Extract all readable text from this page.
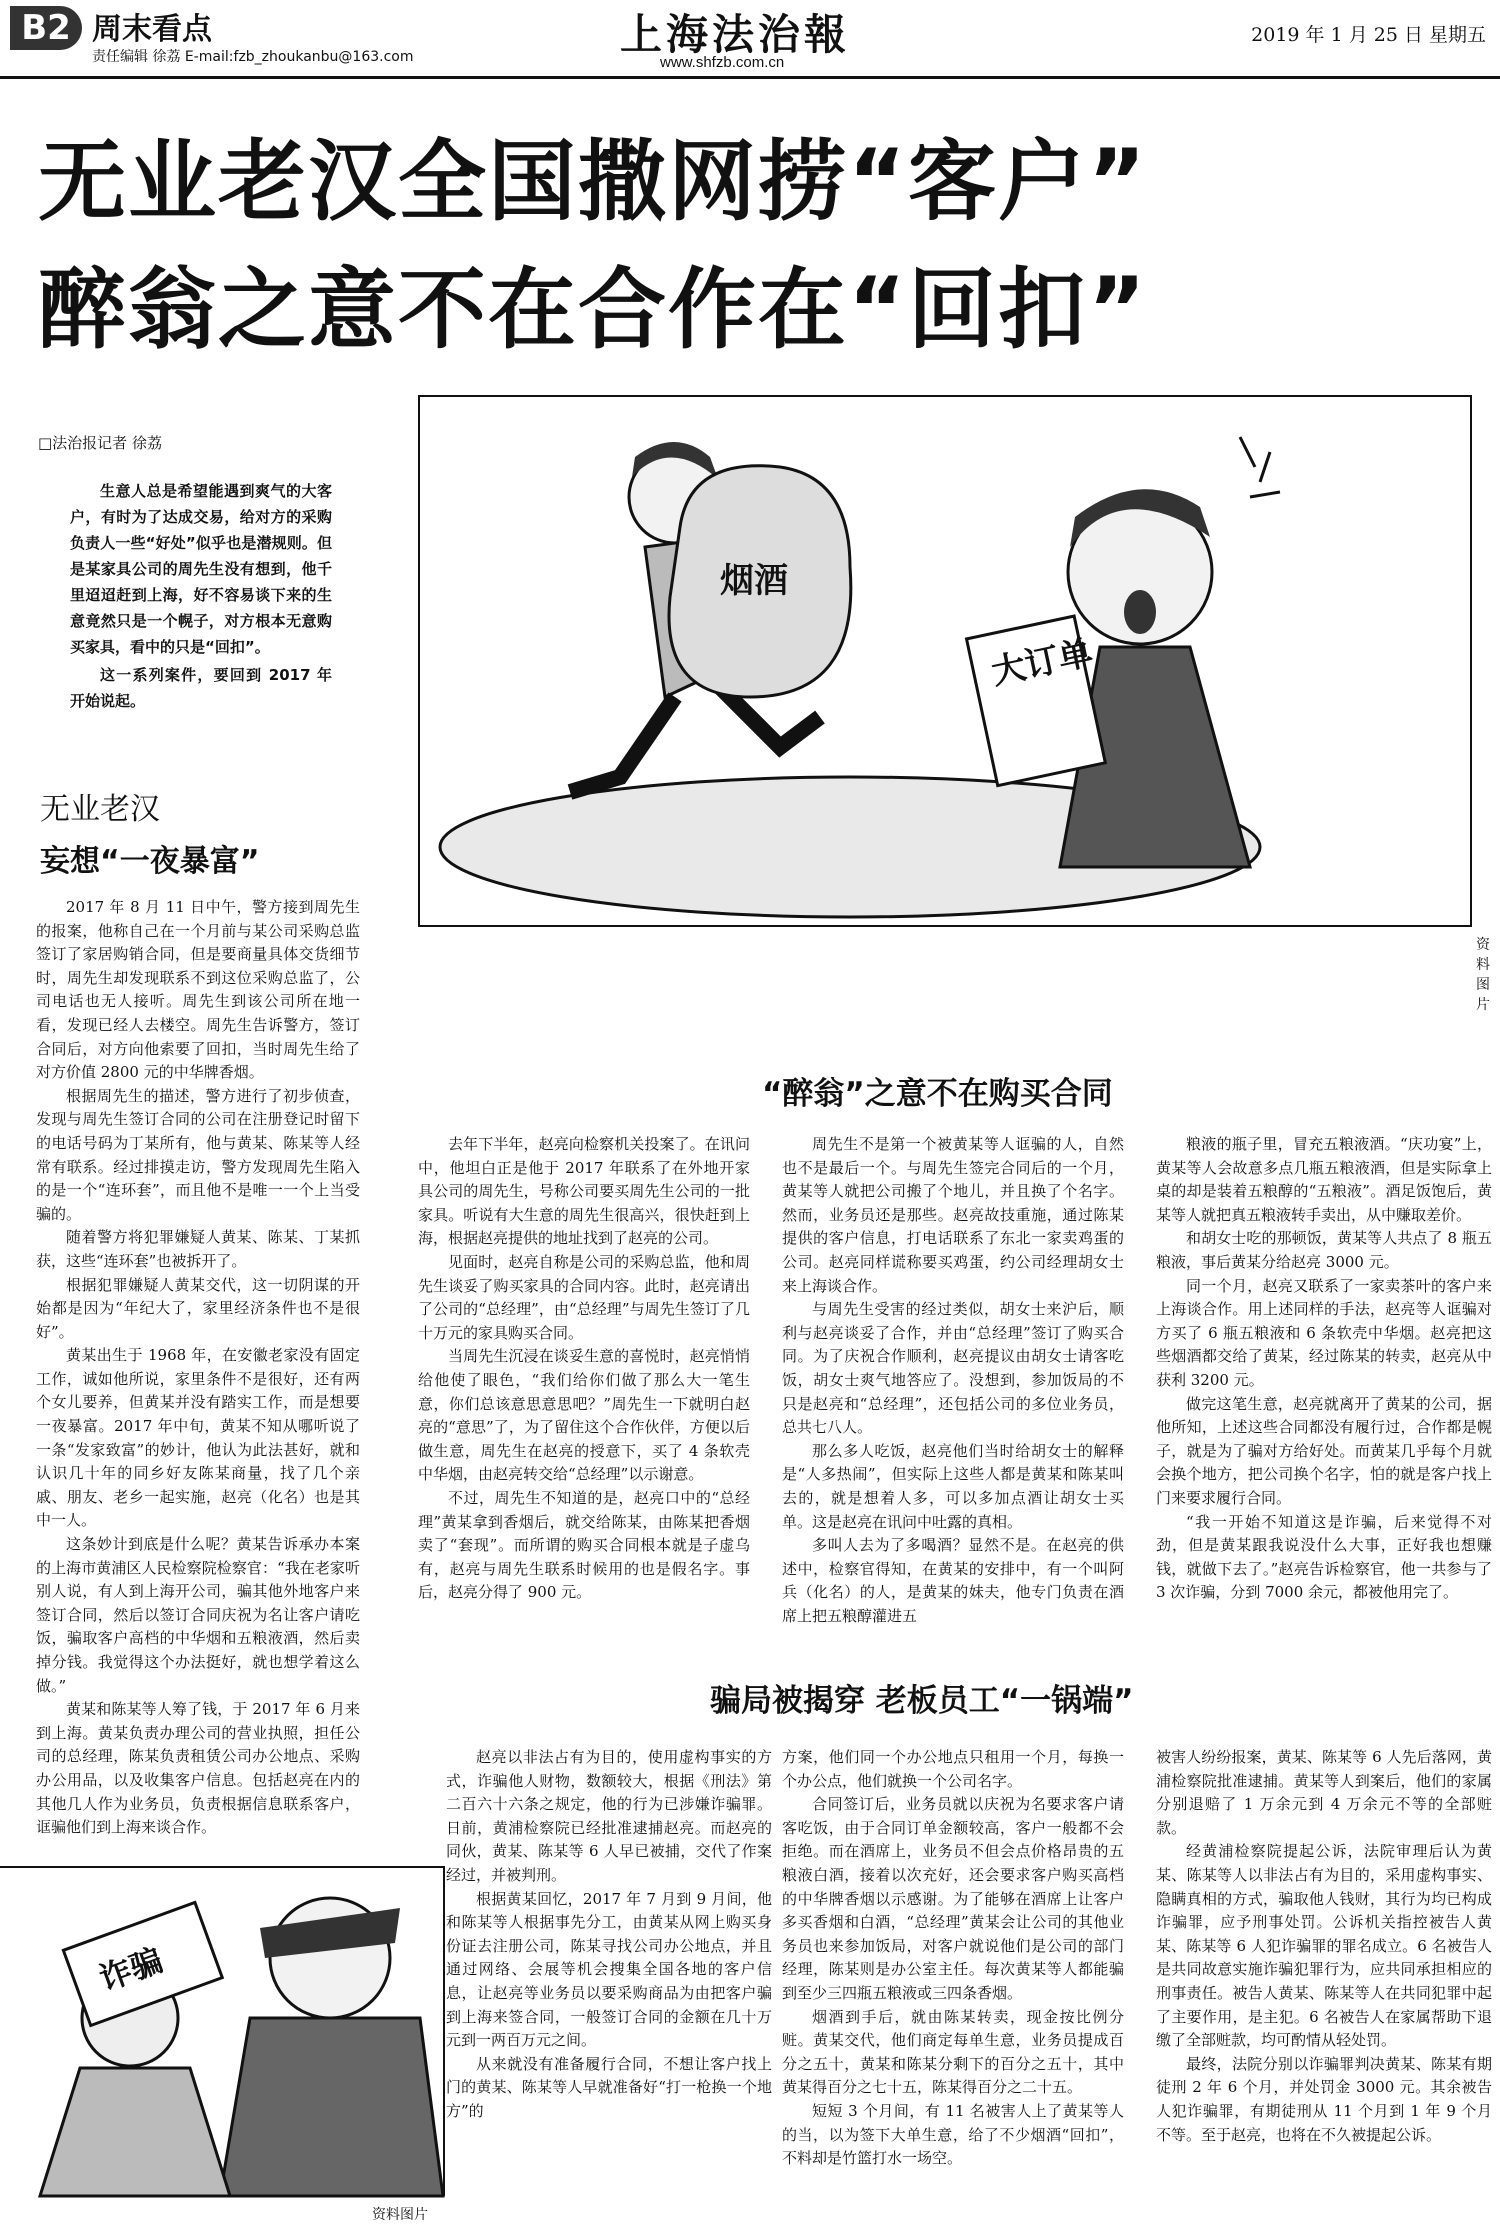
B2 周末看点
责任编辑 徐荔 E-mail:fzb_zhoukanbu@163.com	上海法治報
www.shfzb.com.cn
2019 年 1 月 25 日 星期五
无业老汉全国撒网捞“客户”
醉翁之意不在合作在“回扣”
□法治报记者 徐荔

生意人总是希望能遇到爽气的大客户，有时为了达成交易，给对方的采购负责人一些“好处”似乎也是潜规则。但是某家具公司的周先生没有想到，他千里迢迢赶到上海，好不容易谈下来的生意竟然只是一个幌子，对方根本无意购买家具，看中的只是“回扣”。

这一系列案件，要回到 2017 年开始说起。

烟酒
大订单
资料图片
无业老汉
妄想“一夜暴富”
“醉翁”之意不在购买合同
骗局被揭穿 老板员工“一锅端”

2017 年 8 月 11 日中午，警方接到周先生的报案，他称自己在一个月前与某公司采购总监签订了家居购销合同，但是要商量具体交货细节时，周先生却发现联系不到这位采购总监了，公司电话也无人接听。周先生到该公司所在地一看，发现已经人去楼空。周先生告诉警方，签订合同后，对方向他索要了回扣，当时周先生给了对方价值 2800 元的中华牌香烟。

根据周先生的描述，警方进行了初步侦查，发现与周先生签订合同的公司在注册登记时留下的电话号码为丁某所有，他与黄某、陈某等人经常有联系。经过排摸走访，警方发现周先生陷入的是一个“连环套”，而且他不是唯一一个上当受骗的。

随着警方将犯罪嫌疑人黄某、陈某、丁某抓获，这些“连环套”也被拆开了。

根据犯罪嫌疑人黄某交代，这一切阴谋的开始都是因为“年纪大了，家里经济条件也不是很好”。

黄某出生于 1968 年，在安徽老家没有固定工作，诚如他所说，家里条件不是很好，还有两个女儿要养，但黄某并没有踏实工作，而是想要一夜暴富。2017 年中旬，黄某不知从哪听说了一条“发家致富”的妙计，他认为此法甚好，就和认识几十年的同乡好友陈某商量，找了几个亲戚、朋友、老乡一起实施，赵亮（化名）也是其中一人。

这条妙计到底是什么呢？黄某告诉承办本案的上海市黄浦区人民检察院检察官：“我在老家听别人说，有人到上海开公司，骗其他外地客户来签订合同，然后以签订合同庆祝为名让客户请吃饭，骗取客户高档的中华烟和五粮液酒，然后卖掉分钱。我觉得这个办法挺好，就也想学着这么做。”

黄某和陈某等人筹了钱，于 2017 年 6 月来到上海。黄某负责办理公司的营业执照，担任公司的总经理，陈某负责租赁公司办公地点、采购办公用品，以及收集客户信息。包括赵亮在内的其他几人作为业务员，负责根据信息联系客户，诓骗他们到上海来谈合作。

去年下半年，赵亮向检察机关投案了。在讯问中，他坦白正是他于 2017 年联系了在外地开家具公司的周先生，号称公司要买周先生公司的一批家具。听说有大生意的周先生很高兴，很快赶到上海，根据赵亮提供的地址找到了赵亮的公司。

见面时，赵亮自称是公司的采购总监，他和周先生谈妥了购买家具的合同内容。此时，赵亮请出了公司的“总经理”，由“总经理”与周先生签订了几十万元的家具购买合同。

当周先生沉浸在谈妥生意的喜悦时，赵亮悄悄给他使了眼色，“我们给你们做了那么大一笔生意，你们总该意思意思吧？”周先生一下就明白赵亮的“意思”了，为了留住这个合作伙伴，方便以后做生意，周先生在赵亮的授意下，买了 4 条软壳中华烟，由赵亮转交给“总经理”以示谢意。

不过，周先生不知道的是，赵亮口中的“总经理”黄某拿到香烟后，就交给陈某，由陈某把香烟卖了“套现”。而所谓的购买合同根本就是子虚乌有，赵亮与周先生联系时候用的也是假名字。事后，赵亮分得了 900 元。

周先生不是第一个被黄某等人诓骗的人，自然也不是最后一个。与周先生签完合同后的一个月，黄某等人就把公司搬了个地儿，并且换了个名字。然而，业务员还是那些。赵亮故技重施，通过陈某提供的客户信息，打电话联系了东北一家卖鸡蛋的公司。赵亮同样谎称要买鸡蛋，约公司经理胡女士来上海谈合作。

与周先生受害的经过类似，胡女士来沪后，顺利与赵亮谈妥了合作，并由“总经理”签订了购买合同。为了庆祝合作顺利，赵亮提议由胡女士请客吃饭，胡女士爽气地答应了。没想到，参加饭局的不只是赵亮和“总经理”，还包括公司的多位业务员，总共七八人。

那么多人吃饭，赵亮他们当时给胡女士的解释是“人多热闹”，但实际上这些人都是黄某和陈某叫去的，就是想着人多，可以多加点酒让胡女士买单。这是赵亮在讯问中吐露的真相。

多叫人去为了多喝酒？显然不是。在赵亮的供述中，检察官得知，在黄某的安排中，有一个叫阿兵（化名）的人，是黄某的妹夫，他专门负责在酒席上把五粮醇灌进五

粮液的瓶子里，冒充五粮液酒。“庆功宴”上，黄某等人会故意多点几瓶五粮液酒，但是实际拿上桌的却是装着五粮醇的“五粮液”。酒足饭饱后，黄某等人就把真五粮液转手卖出，从中赚取差价。

和胡女士吃的那顿饭，黄某等人共点了 8 瓶五粮液，事后黄某分给赵亮 3000 元。

同一个月，赵亮又联系了一家卖茶叶的客户来上海谈合作。用上述同样的手法，赵亮等人诓骗对方买了 6 瓶五粮液和 6 条软壳中华烟。赵亮把这些烟酒都交给了黄某，经过陈某的转卖，赵亮从中获利 3200 元。

做完这笔生意，赵亮就离开了黄某的公司，据他所知，上述这些合同都没有履行过，合作都是幌子，就是为了骗对方给好处。而黄某几乎每个月就会换个地方，把公司换个名字，怕的就是客户找上门来要求履行合同。

“我一开始不知道这是诈骗，后来觉得不对劲，但是黄某跟我说没什么大事，正好我也想赚钱，就做下去了。”赵亮告诉检察官，他一共参与了 3 次诈骗，分到 7000 余元，都被他用完了。

诈骗
资料图片

赵亮以非法占有为目的，使用虚构事实的方式，诈骗他人财物，数额较大，根据《刑法》第二百六十六条之规定，他的行为已涉嫌诈骗罪。日前，黄浦检察院已经批准逮捕赵亮。而赵亮的同伙，黄某、陈某等 6 人早已被捕，交代了作案经过，并被判刑。

根据黄某回忆，2017 年 7 月到 9 月间，他和陈某等人根据事先分工，由黄某从网上购买身份证去注册公司，陈某寻找公司办公地点，并且通过网络、会展等机会搜集全国各地的客户信息，让赵亮等业务员以要采购商品为由把客户骗到上海来签合同，一般签订合同的金额在几十万元到一两百万元之间。

从来就没有准备履行合同，不想让客户找上门的黄某、陈某等人早就准备好“打一枪换一个地方”的

方案，他们同一个办公地点只租用一个月，每换一个办公点，他们就换一个公司名字。

合同签订后，业务员就以庆祝为名要求客户请客吃饭，由于合同订单金额较高，客户一般都不会拒绝。而在酒席上，业务员不但会点价格昂贵的五粮液白酒，接着以次充好，还会要求客户购买高档的中华牌香烟以示感谢。为了能够在酒席上让客户多买香烟和白酒，“总经理”黄某会让公司的其他业务员也来参加饭局，对客户就说他们是公司的部门经理，陈某则是办公室主任。每次黄某等人都能骗到至少三四瓶五粮液或三四条香烟。

烟酒到手后，就由陈某转卖，现金按比例分赃。黄某交代，他们商定每单生意，业务员提成百分之五十，黄某和陈某分剩下的百分之五十，其中黄某得百分之七十五，陈某得百分之二十五。

短短 3 个月间，有 11 名被害人上了黄某等人的当，以为签下大单生意，给了不少烟酒“回扣”，不料却是竹篮打水一场空。

被害人纷纷报案，黄某、陈某等 6 人先后落网，黄浦检察院批准逮捕。黄某等人到案后，他们的家属分别退赔了 1 万余元到 4 万余元不等的全部赃款。

经黄浦检察院提起公诉，法院审理后认为黄某、陈某等人以非法占有为目的，采用虚构事实、隐瞒真相的方式，骗取他人钱财，其行为均已构成诈骗罪，应予刑事处罚。公诉机关指控被告人黄某、陈某等 6 人犯诈骗罪的罪名成立。6 名被告人是共同故意实施诈骗犯罪行为，应共同承担相应的刑事责任。被告人黄某、陈某等人在共同犯罪中起了主要作用，是主犯。6 名被告人在家属帮助下退缴了全部赃款，均可酌情从轻处罚。

最终，法院分别以诈骗罪判决黄某、陈某有期徒刑 2 年 6 个月，并处罚金 3000 元。其余被告人犯诈骗罪，有期徒刑从 11 个月到 1 年 9 个月不等。至于赵亮，也将在不久被提起公诉。
